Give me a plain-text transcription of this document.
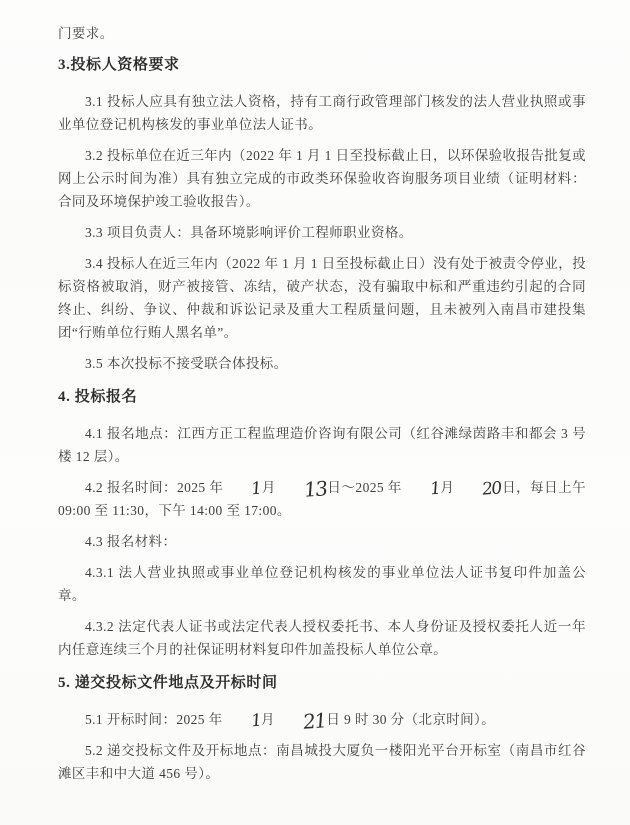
门要求。

3.投标人资格要求

3.1 投标人应具有独立法人资格，持有工商行政管理部门核发的法人营业执照或事业单位登记机构核发的事业单位法人证书。

3.2 投标单位在近三年内（2022 年 1 月 1 日至投标截止日，以环保验收报告批复或网上公示时间为准）具有独立完成的市政类环保验收咨询服务项目业绩（证明材料：合同及环境保护竣工验收报告）。

3.3 项目负责人：具备环境影响评价工程师职业资格。

3.4 投标人在近三年内（2022 年 1 月 1 日至投标截止日）没有处于被责令停业，投标资格被取消，财产被接管、冻结，破产状态，没有骗取中标和严重违约引起的合同终止、纠纷、争议、仲裁和诉讼记录及重大工程质量问题，且未被列入南昌市建投集团“行贿单位行贿人黑名单”。

3.5 本次投标不接受联合体投标。

4. 投标报名

4.1 报名地点：江西方正工程监理造价咨询有限公司（红谷滩绿茵路丰和都会 3 号楼 12 层）。

4.2 报名时间：2025 年 1月 13日～2025 年 1月 20日，每日上午 09:00 至 11:30，下午 14:00 至 17:00。

4.3 报名材料：

4.3.1 法人营业执照或事业单位登记机构核发的事业单位法人证书复印件加盖公章。

4.3.2 法定代表人证书或法定代表人授权委托书、本人身份证及授权委托人近一年内任意连续三个月的社保证明材料复印件加盖投标人单位公章。

5. 递交投标文件地点及开标时间

5.1 开标时间：2025 年 1月 21日 9 时 30 分（北京时间）。

5.2 递交投标文件及开标地点：南昌城投大厦负一楼阳光平台开标室（南昌市红谷滩区丰和中大道 456 号）。
